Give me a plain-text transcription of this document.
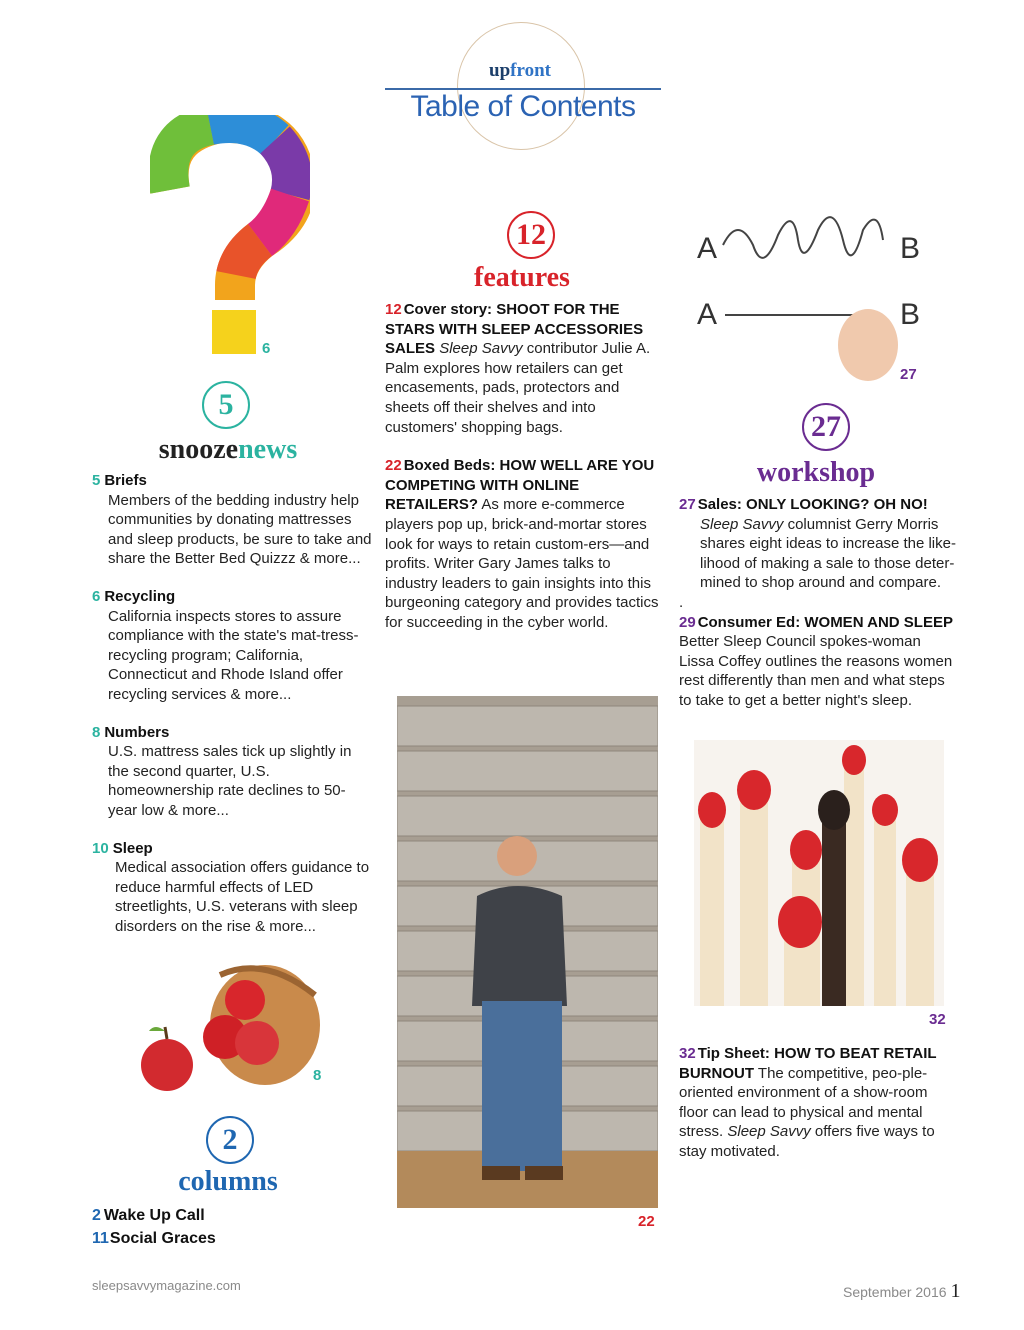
upfront
Table of Contents
6
5
snoozenews
5 Briefs
Members of the bedding industry help communities by donating mattresses and sleep products, be sure to take and share the Better Bed Quizzz & more...
6 Recycling
California inspects stores to assure compliance with the state's mat-tress-recycling program; California, Connecticut and Rhode Island offer recycling services & more...
8 Numbers
U.S. mattress sales tick up slightly in the second quarter, U.S. homeownership rate declines to 50-year low & more...
10 Sleep
Medical association offers guidance to reduce harmful effects of LED streetlights, U.S. veterans with sleep disorders on the rise & more...
8
2
columns
2 Wake Up Call
11Social Graces
12
features
12 Cover story: SHOOT FOR THE STARS WITH SLEEP ACCESSORIES SALES Sleep Savvy contributor Julie A. Palm explores how retailers can get encasements, pads, protectors and sheets off their shelves and into customers' shopping bags.
22 Boxed Beds: HOW WELL ARE YOU COMPETING WITH ONLINE RETAILERS? As more e-commerce players pop up, brick-and-mortar stores look for ways to retain custom-ers—and profits. Writer Gary James talks to industry leaders to gain insights into this burgeoning category and provides tactics for succeeding in the cyber world.
22
A	B
A	B
27
27
workshop
27 Sales: ONLY LOOKING? OH NO!
Sleep Savvy columnist Gerry Morris shares eight ideas to increase the like-lihood of making a sale to those deter-mined to shop around and compare.
.
29 Consumer Ed: WOMEN AND SLEEP Better Sleep Council spokes-woman Lissa Coffey outlines the reasons women rest differently than men and what steps to take to get a better night's sleep.
32
32 Tip Sheet: HOW TO BEAT RETAIL BURNOUT The competitive, peo-ple-oriented environment of a show-room floor can lead to physical and mental stress. Sleep Savvy offers five ways to stay motivated.
sleepsavvymagazine.com	September 2016 1
